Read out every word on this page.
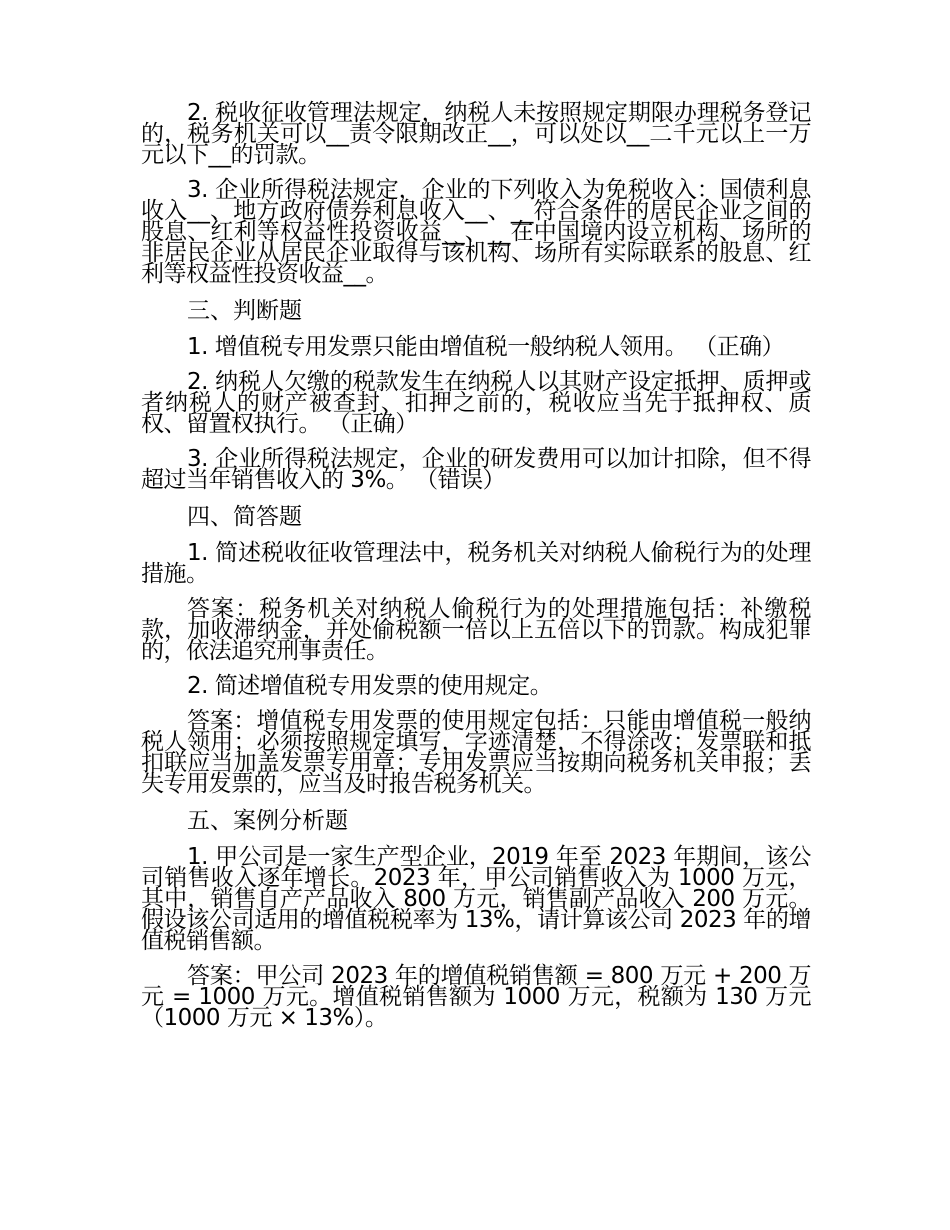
2. 税收征收管理法规定，纳税人未按照规定期限办理税务登记的，税务机关可以__责令限期改正__，可以处以__二千元以上一万元以下__的罚款。

3. 企业所得税法规定，企业的下列收入为免税收入：国债利息收入__、地方政府债券利息收入__、__符合条件的居民企业之间的股息、红利等权益性投资收益__、__在中国境内设立机构、场所的非居民企业从居民企业取得与该机构、场所有实际联系的股息、红利等权益性投资收益__。

三、判断题

1. 增值税专用发票只能由增值税一般纳税人领用。 （正确）

2. 纳税人欠缴的税款发生在纳税人以其财产设定抵押、质押或者纳税人的财产被查封、扣押之前的，税收应当先于抵押权、质权、留置权执行。 （正确）

3. 企业所得税法规定，企业的研发费用可以加计扣除，但不得超过当年销售收入的 3%。 （错误）

四、简答题

1. 简述税收征收管理法中，税务机关对纳税人偷税行为的处理措施。

答案：税务机关对纳税人偷税行为的处理措施包括：补缴税款，加收滞纳金，并处偷税额一倍以上五倍以下的罚款。构成犯罪的，依法追究刑事责任。

2. 简述增值税专用发票的使用规定。

答案：增值税专用发票的使用规定包括：只能由增值税一般纳税人领用；必须按照规定填写，字迹清楚，不得涂改；发票联和抵扣联应当加盖发票专用章；专用发票应当按期向税务机关申报；丢失专用发票的，应当及时报告税务机关。

五、案例分析题

1. 甲公司是一家生产型企业，2019 年至 2023 年期间，该公司销售收入逐年增长。2023 年，甲公司销售收入为 1000 万元，其中，销售自产产品收入 800 万元，销售副产品收入 200 万元。假设该公司适用的增值税税率为 13%，请计算该公司 2023 年的增值税销售额。

答案：甲公司 2023 年的增值税销售额 = 800 万元 + 200 万元 = 1000 万元。增值税销售额为 1000 万元，税额为 130 万元（1000 万元 × 13%）。
